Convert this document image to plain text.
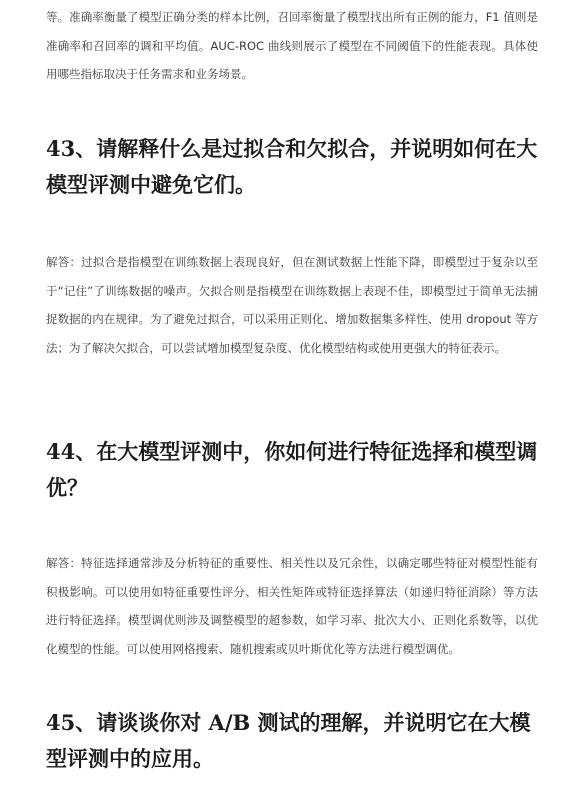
等。准确率衡量了模型正确分类的样本比例，召回率衡量了模型找出所有正例的能力，F1 值则是准确率和召回率的调和平均值。AUC-ROC 曲线则展示了模型在不同阈值下的性能表现。具体使用哪些指标取决于任务需求和业务场景。

43、请解释什么是过拟合和欠拟合，并说明如何在大模型评测中避免它们。

解答：过拟合是指模型在训练数据上表现良好，但在测试数据上性能下降，即模型过于复杂以至于“记住”了训练数据的噪声。欠拟合则是指模型在训练数据上表现不佳，即模型过于简单无法捕捉数据的内在规律。为了避免过拟合，可以采用正则化、增加数据集多样性、使用 dropout 等方法；为了解决欠拟合，可以尝试增加模型复杂度、优化模型结构或使用更强大的特征表示。

44、在大模型评测中，你如何进行特征选择和模型调优？

解答：特征选择通常涉及分析特征的重要性、相关性以及冗余性，以确定哪些特征对模型性能有积极影响。可以使用如特征重要性评分、相关性矩阵或特征选择算法（如递归特征消除）等方法进行特征选择。模型调优则涉及调整模型的超参数，如学习率、批次大小、正则化系数等，以优化模型的性能。可以使用网格搜索、随机搜索或贝叶斯优化等方法进行模型调优。

45、请谈谈你对 A/B 测试的理解，并说明它在大模型评测中的应用。
